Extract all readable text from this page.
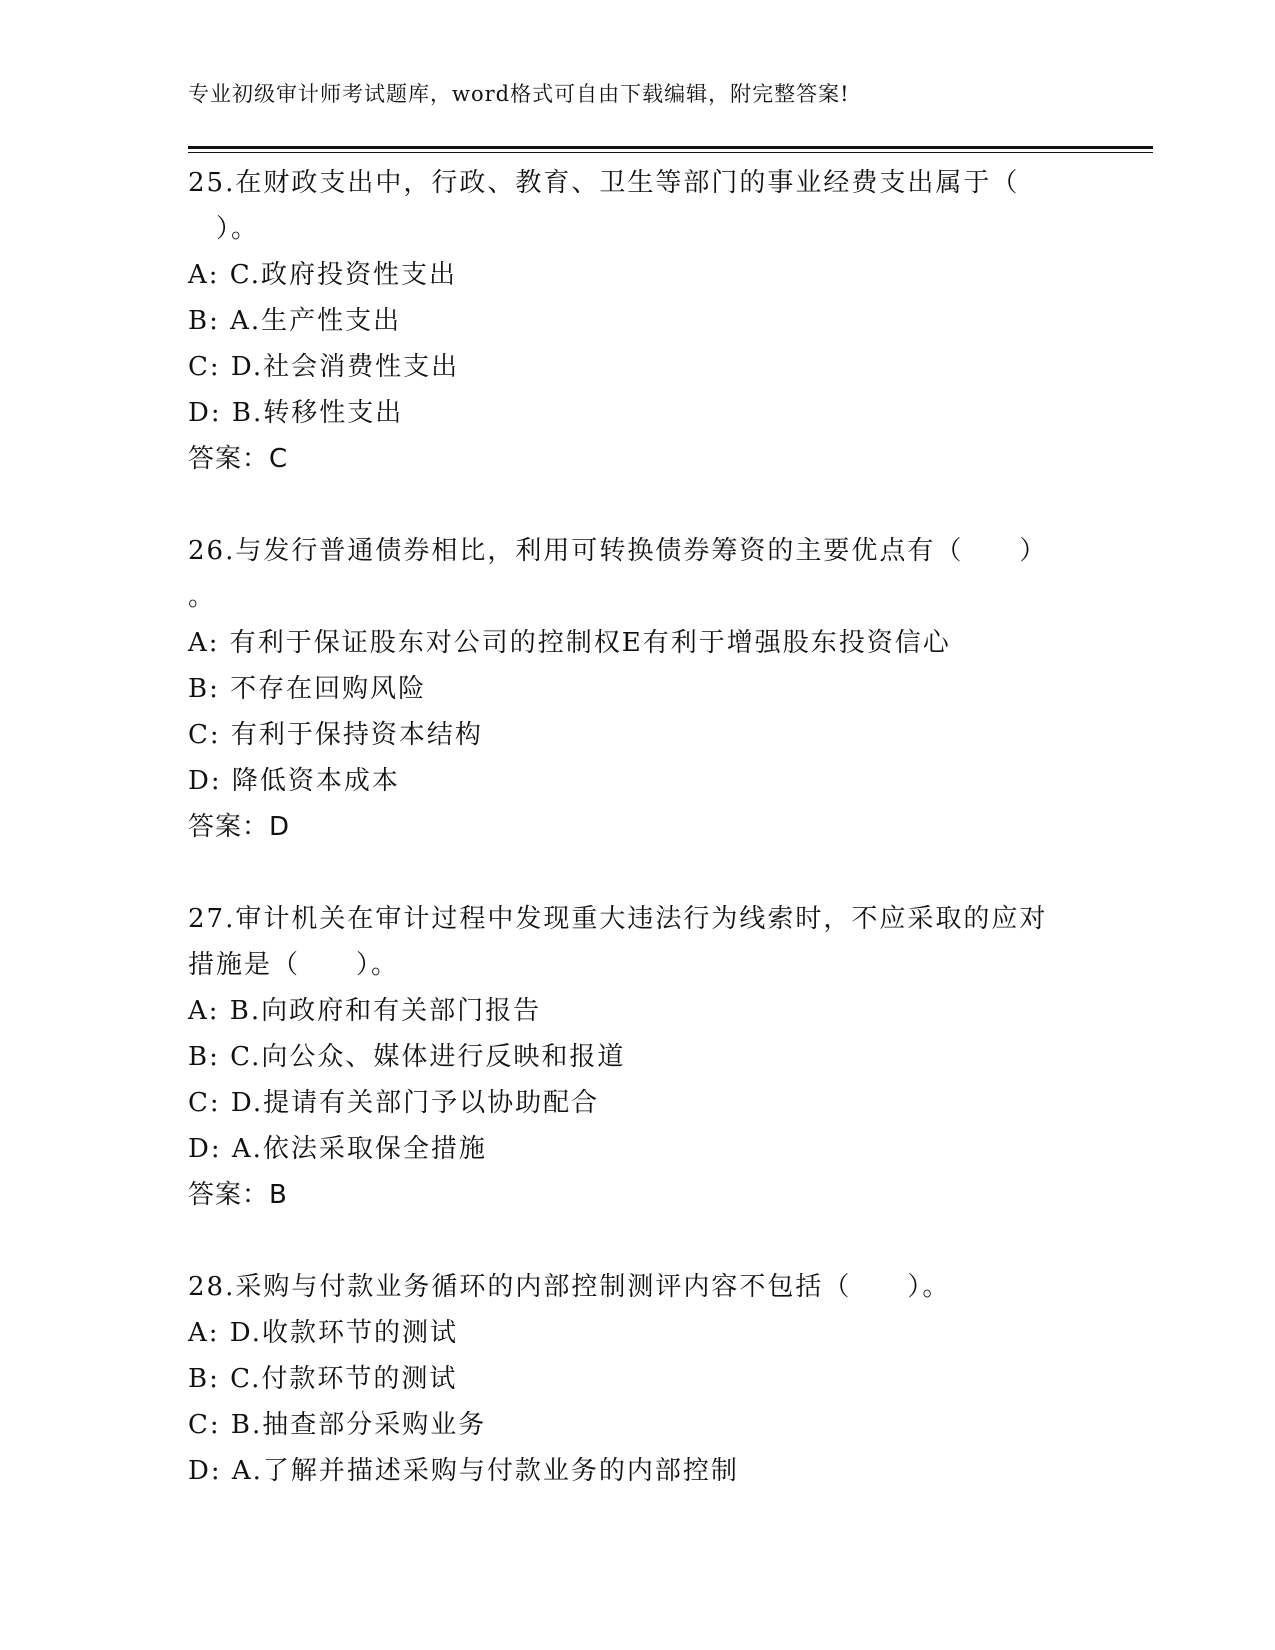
专业初级审计师考试题库，word格式可自由下载编辑，附完整答案!
25.在财政支出中，行政、教育、卫生等部门的事业经费支出属于（
　）。
A: C.政府投资性支出
B: A.生产性支出
C: D.社会消费性支出
D: B.转移性支出
答案：C
26.与发行普通债券相比，利用可转换债券筹资的主要优点有（　　）
。
A: 有利于保证股东对公司的控制权E有利于增强股东投资信心
B: 不存在回购风险
C: 有利于保持资本结构
D: 降低资本成本
答案：D
27.审计机关在审计过程中发现重大违法行为线索时，不应采取的应对
措施是（　　）。
A: B.向政府和有关部门报告
B: C.向公众、媒体进行反映和报道
C: D.提请有关部门予以协助配合
D: A.依法采取保全措施
答案：B
28.采购与付款业务循环的内部控制测评内容不包括（　　）。
A: D.收款环节的测试
B: C.付款环节的测试
C: B.抽查部分采购业务
D: A.了解并描述采购与付款业务的内部控制
